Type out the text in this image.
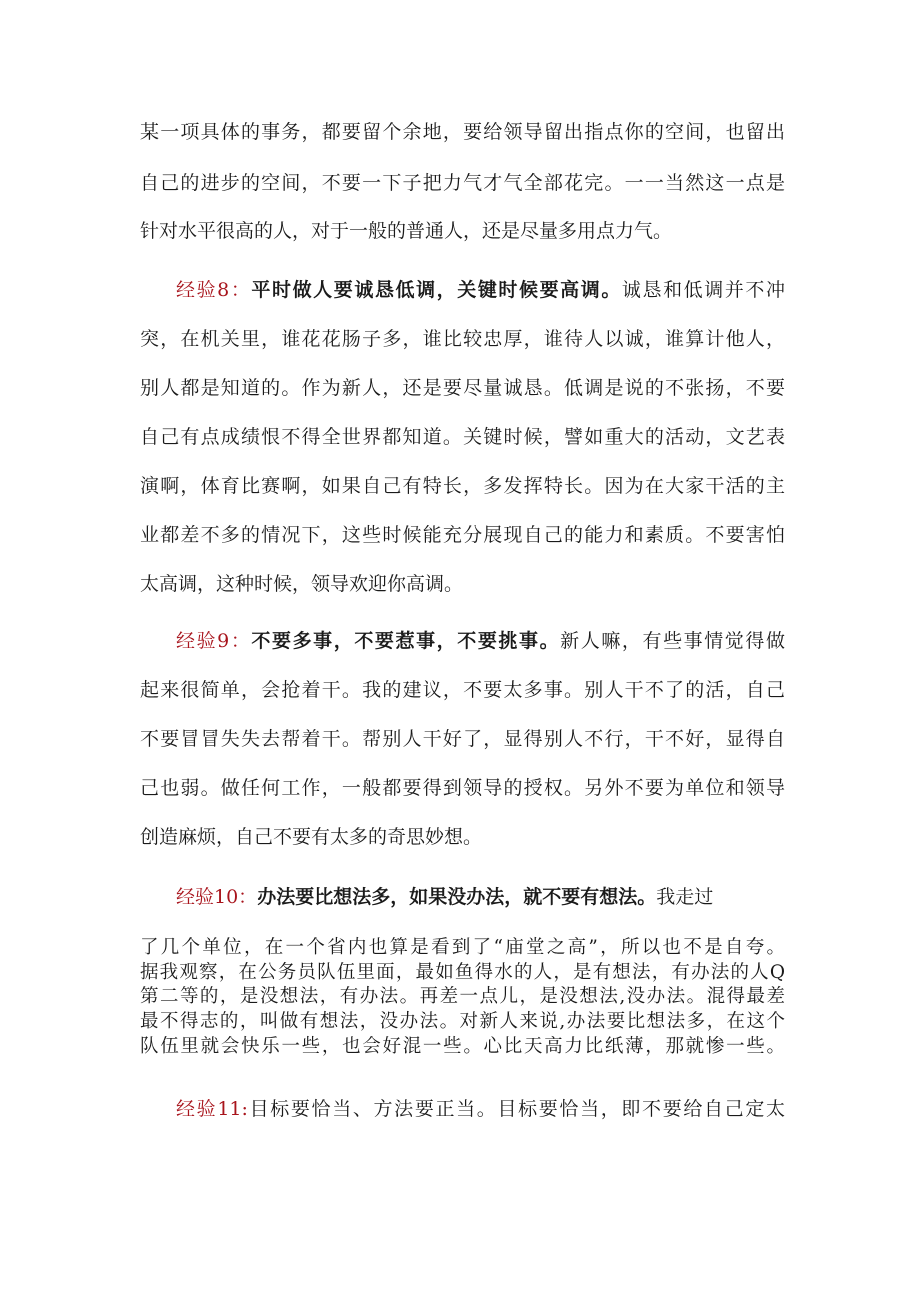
某一项具体的事务，都要留个余地，要给领导留出指点你的空间，也留出
自己的进步的空间，不要一下子把力气才气全部花完。一一当然这一点是
针对水平很高的人，对于一般的普通人，还是尽量多用点力气。
经验8：平时做人要诚恳低调，关键时候要高调。诚恳和低调并不冲
突，在机关里，谁花花肠子多，谁比较忠厚，谁待人以诚，谁算计他人，
别人都是知道的。作为新人，还是要尽量诚恳。低调是说的不张扬，不要
自己有点成绩恨不得全世界都知道。关键时候，譬如重大的活动，文艺表
演啊，体育比赛啊，如果自己有特长，多发挥特长。因为在大家干活的主
业都差不多的情况下，这些时候能充分展现自己的能力和素质。不要害怕
太高调，这种时候，领导欢迎你高调。
经验9：不要多事，不要惹事，不要挑事。新人嘛，有些事情觉得做
起来很简单，会抢着干。我的建议，不要太多事。别人干不了的活，自己
不要冒冒失失去帮着干。帮别人干好了，显得别人不行，干不好，显得自
己也弱。做任何工作，一般都要得到领导的授权。另外不要为单位和领导
创造麻烦，自己不要有太多的奇思妙想。
经验10：办法要比想法多，如果没办法，就不要有想法。我走过
了几个单位，在一个省内也算是看到了“庙堂之高”，所以也不是自夸。
据我观察，在公务员队伍里面，最如鱼得水的人，是有想法，有办法的人Q
第二等的，是没想法，有办法。再差一点儿，是没想法,没办法。混得最差
最不得志的，叫做有想法，没办法。对新人来说,办法要比想法多，在这个
队伍里就会快乐一些，也会好混一些。心比天高力比纸薄，那就惨一些。
经验11:目标要恰当、方法要正当。目标要恰当，即不要给自己定太
